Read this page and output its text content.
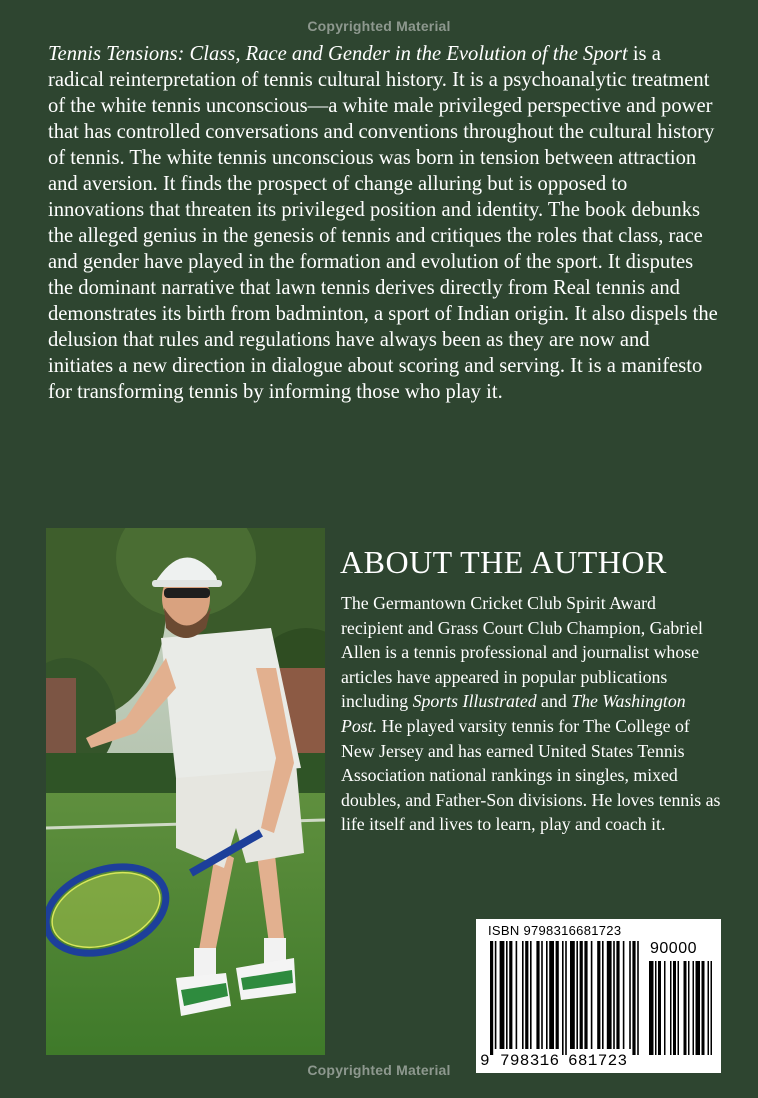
Copyrighted Material

Tennis Tensions: Class, Race and Gender in the Evolution of the Sport is a radical reinterpretation of tennis cultural history. It is a psychoanalytic treatment of the white tennis unconscious—a white male privileged perspective and power that has controlled conversations and conventions throughout the cultural history of tennis. The white tennis unconscious was born in tension between attraction and aversion. It finds the prospect of change alluring but is opposed to innovations that threaten its privileged position and identity. The book debunks the alleged genius in the genesis of tennis and critiques the roles that class, race and gender have played in the formation and evolution of the sport. It disputes the dominant narrative that lawn tennis derives directly from Real tennis and demonstrates its birth from badminton, a sport of Indian origin. It also dispels the delusion that rules and regulations have always been as they are now and initiates a new direction in dialogue about scoring and serving. It is a manifesto for transforming tennis by informing those who play it.

ABOUT THE AUTHOR

The Germantown Cricket Club Spirit Award recipient and Grass Court Club Champion, Gabriel Allen is a tennis professional and journalist whose articles have appeared in popular publications including Sports Illustrated and The Washington Post. He played varsity tennis for The College of New Jersey and has earned United States Tennis Association national rankings in singles, mixed doubles, and Father-Son divisions. He loves tennis as life itself and lives to learn, play and coach it.

ISBN 9798316681723
90000
9 798316 681723
Copyrighted Material
